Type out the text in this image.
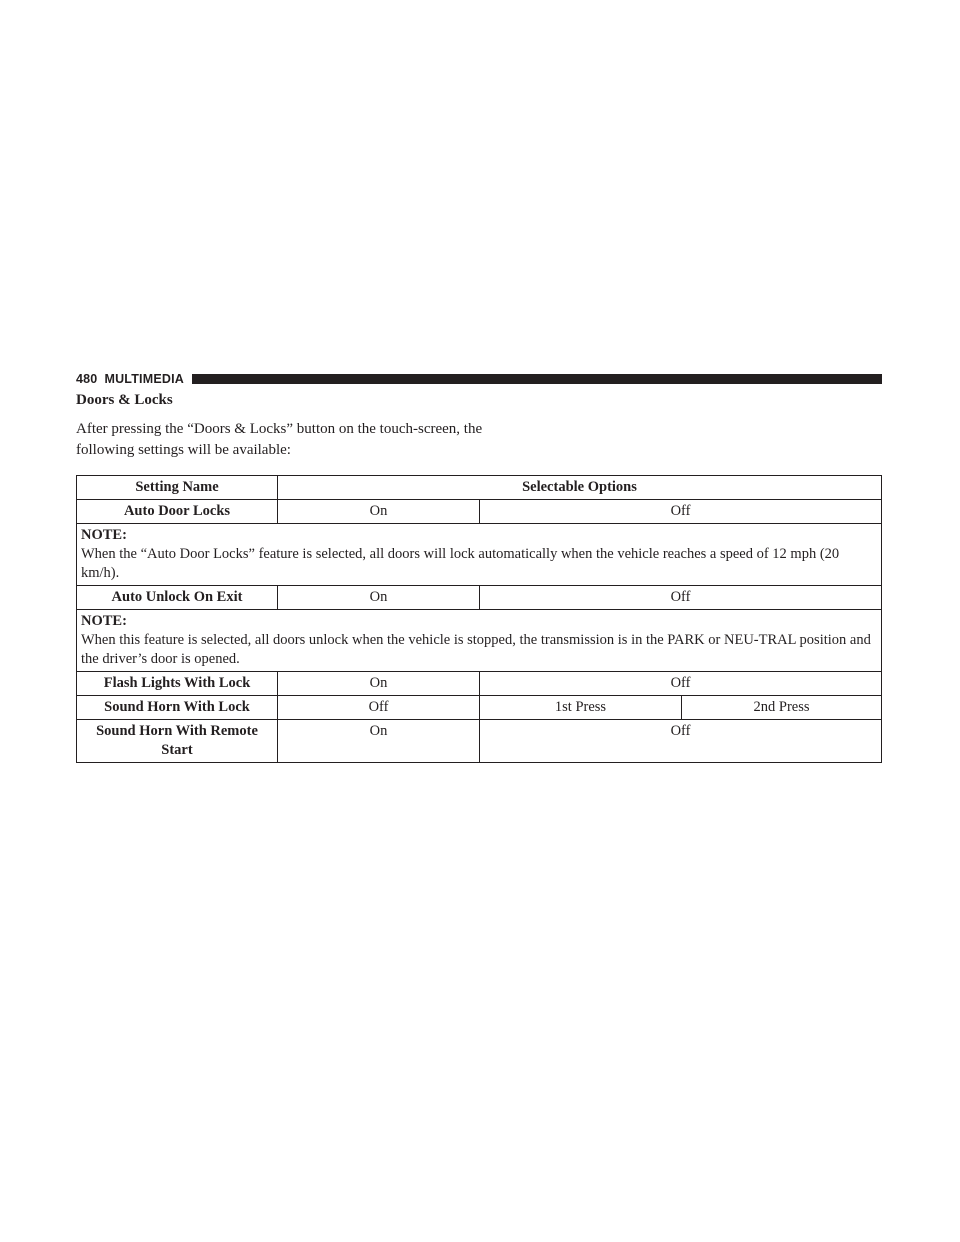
480 MULTIMEDIA
Doors & Locks
After pressing the “Doors & Locks” button on the touch-screen, the following settings will be available:
Setting Name	Selectable Options		
Auto Door Locks	On	Off	

NOTE:
When the “Auto Door Locks” feature is selected, all doors will lock automatically when the vehicle reaches a speed of 12 mph (20 km/h).			

Auto Unlock On Exit	On	Off	

NOTE:
When this feature is selected, all doors unlock when the vehicle is stopped, the transmission is in the PARK or NEU-TRAL position and the driver’s door is opened.			

Flash Lights With Lock	On	Off	
Sound Horn With Lock	Off	1st Press	2nd Press
Sound Horn With Remote Start	On	Off	
